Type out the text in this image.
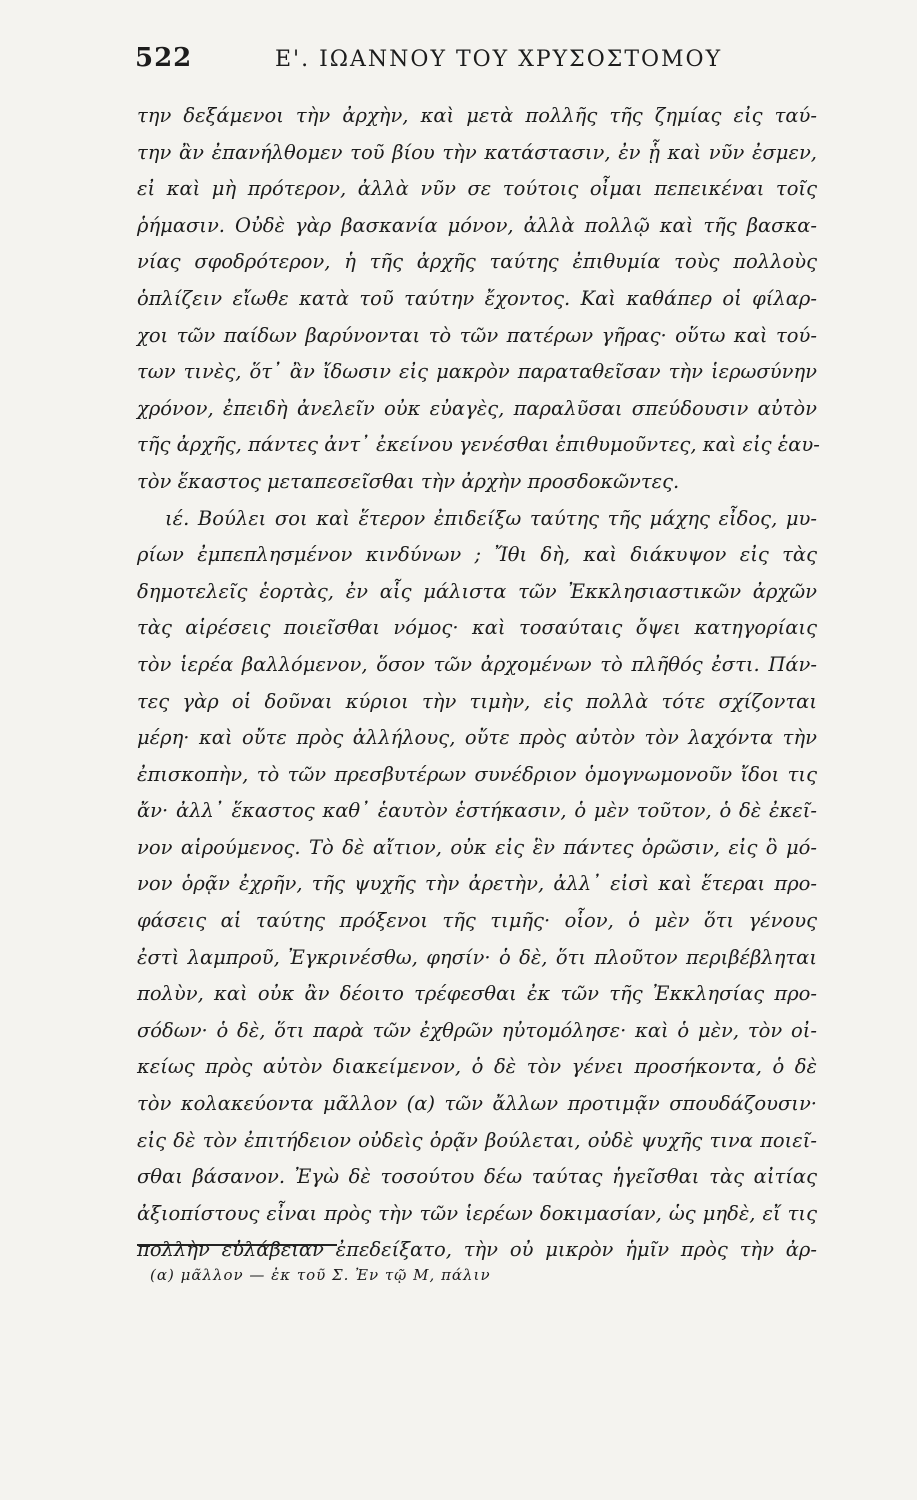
522	Ε'. ΙΩΑΝΝΟΥ ΤΟΥ ΧΡΥΣΟΣΤΟΜΟΥ
την δεξάμενοι τὴν ἀρχὴν, καὶ μετὰ πολλῆς τῆς ζημίας εἰς ταύ-
την ἂν ἐπανήλθομεν τοῦ βίου τὴν κατάστασιν, ἐν ᾗ καὶ νῦν ἐσμεν,
εἰ καὶ μὴ πρότερον, ἀλλὰ νῦν σε τούτοις οἶμαι πεπεικέναι τοῖς
ῥήμασιν. Οὐδὲ γὰρ βασκανία μόνον, ἀλλὰ πολλῷ καὶ τῆς βασκα-
νίας σφοδρότερον, ἡ τῆς ἀρχῆς ταύτης ἐπιθυμία τοὺς πολλοὺς
ὁπλίζειν εἴωθε κατὰ τοῦ ταύτην ἔχοντος. Καὶ καθάπερ οἱ φίλαρ-
χοι τῶν παίδων βαρύνονται τὸ τῶν πατέρων γῆρας· οὕτω καὶ τού-
των τινὲς, ὅτ᾽ ἂν ἴδωσιν εἰς μακρὸν παραταθεῖσαν τὴν ἱερωσύνην
χρόνον, ἐπειδὴ ἀνελεῖν οὐκ εὐαγὲς, παραλῦσαι σπεύδουσιν αὐτὸν
τῆς ἀρχῆς, πάντες ἀντ᾽ ἐκείνου γενέσθαι ἐπιθυμοῦντες, καὶ εἰς ἑαυ-
τὸν ἕκαστος μεταπεσεῖσθαι τὴν ἀρχὴν προσδοκῶντες.
ιέ. Βούλει σοι καὶ ἕτερον ἐπιδείξω ταύτης τῆς μάχης εἶδος, μυ-
ρίων ἐμπεπλησμένον κινδύνων ; Ἴθι δὴ, καὶ διάκυψον εἰς τὰς
δημοτελεῖς ἑορτὰς, ἐν αἷς μάλιστα τῶν Ἐκκλησιαστικῶν ἀρχῶν
τὰς αἱρέσεις ποιεῖσθαι νόμος· καὶ τοσαύταις ὄψει κατηγορίαις
τὸν ἱερέα βαλλόμενον, ὅσον τῶν ἀρχομένων τὸ πλῆθός ἐστι. Πάν-
τες γὰρ οἱ δοῦναι κύριοι τὴν τιμὴν, εἰς πολλὰ τότε σχίζονται
μέρη· καὶ οὔτε πρὸς ἀλλήλους, οὔτε πρὸς αὐτὸν τὸν λαχόντα τὴν
ἐπισκοπὴν, τὸ τῶν πρεσβυτέρων συνέδριον ὁμογνωμονοῦν ἴδοι τις
ἄν· ἀλλ᾽ ἕκαστος καθ᾽ ἑαυτὸν ἑστήκασιν, ὁ μὲν τοῦτον, ὁ δὲ ἐκεῖ-
νον αἱρούμενος. Τὸ δὲ αἴτιον, οὐκ εἰς ἓν πάντες ὁρῶσιν, εἰς ὃ μό-
νον ὁρᾷν ἐχρῆν, τῆς ψυχῆς τὴν ἀρετὴν, ἀλλ᾽ εἰσὶ καὶ ἕτεραι προ-
φάσεις αἱ ταύτης πρόξενοι τῆς τιμῆς· οἷον, ὁ μὲν ὅτι γένους
ἐστὶ λαμπροῦ, Ἐγκρινέσθω, φησίν· ὁ δὲ, ὅτι πλοῦτον περιβέβληται
πολὺν, καὶ οὐκ ἂν δέοιτο τρέφεσθαι ἐκ τῶν τῆς Ἐκκλησίας προ-
σόδων· ὁ δὲ, ὅτι παρὰ τῶν ἐχθρῶν ηὐτομόλησε· καὶ ὁ μὲν, τὸν οἰ-
κείως πρὸς αὐτὸν διακείμενον, ὁ δὲ τὸν γένει προσήκοντα, ὁ δὲ
τὸν κολακεύοντα μᾶλλον (α) τῶν ἄλλων προτιμᾷν σπουδάζουσιν·
εἰς δὲ τὸν ἐπιτήδειον οὐδεὶς ὁρᾷν βούλεται, οὐδὲ ψυχῆς τινα ποιεῖ-
σθαι βάσανον. Ἐγὼ δὲ τοσούτου δέω ταύτας ἡγεῖσθαι τὰς αἰτίας
ἀξιοπίστους εἶναι πρὸς τὴν τῶν ἱερέων δοκιμασίαν, ὡς μηδὲ, εἴ τις
πολλὴν εὐλάβειαν ἐπεδείξατο, τὴν οὐ μικρὸν ἡμῖν πρὸς τὴν ἀρ-
(α) μᾶλλον — ἐκ τοῦ Σ. Ἐν τῷ Μ, πάλιν
